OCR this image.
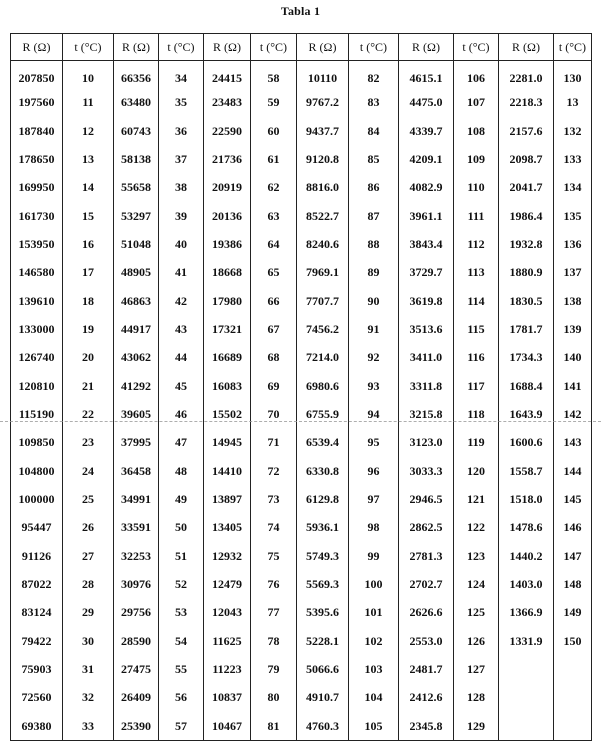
Tabla 1
R (Ω)	t (°C)	R (Ω)	t (°C)	R (Ω)	t (°C)	R (Ω)	t (°C)	R (Ω)	t (°C)	R (Ω)	t (°C)
207850	10	66356	34	24415	58	10110	82	4615.1	106	2281.0	130
197560	11	63480	35	23483	59	9767.2	83	4475.0	107	2218.3	13
187840	12	60743	36	22590	60	9437.7	84	4339.7	108	2157.6	132
178650	13	58138	37	21736	61	9120.8	85	4209.1	109	2098.7	133
169950	14	55658	38	20919	62	8816.0	86	4082.9	110	2041.7	134
161730	15	53297	39	20136	63	8522.7	87	3961.1	111	1986.4	135
153950	16	51048	40	19386	64	8240.6	88	3843.4	112	1932.8	136
146580	17	48905	41	18668	65	7969.1	89	3729.7	113	1880.9	137
139610	18	46863	42	17980	66	7707.7	90	3619.8	114	1830.5	138
133000	19	44917	43	17321	67	7456.2	91	3513.6	115	1781.7	139
126740	20	43062	44	16689	68	7214.0	92	3411.0	116	1734.3	140
120810	21	41292	45	16083	69	6980.6	93	3311.8	117	1688.4	141
115190	22	39605	46	15502	70	6755.9	94	3215.8	118	1643.9	142
109850	23	37995	47	14945	71	6539.4	95	3123.0	119	1600.6	143
104800	24	36458	48	14410	72	6330.8	96	3033.3	120	1558.7	144
100000	25	34991	49	13897	73	6129.8	97	2946.5	121	1518.0	145
95447	26	33591	50	13405	74	5936.1	98	2862.5	122	1478.6	146
91126	27	32253	51	12932	75	5749.3	99	2781.3	123	1440.2	147
87022	28	30976	52	12479	76	5569.3	100	2702.7	124	1403.0	148
83124	29	29756	53	12043	77	5395.6	101	2626.6	125	1366.9	149
79422	30	28590	54	11625	78	5228.1	102	2553.0	126	1331.9	150
75903	31	27475	55	11223	79	5066.6	103	2481.7	127		
72560	32	26409	56	10837	80	4910.7	104	2412.6	128		
69380	33	25390	57	10467	81	4760.3	105	2345.8	129		
